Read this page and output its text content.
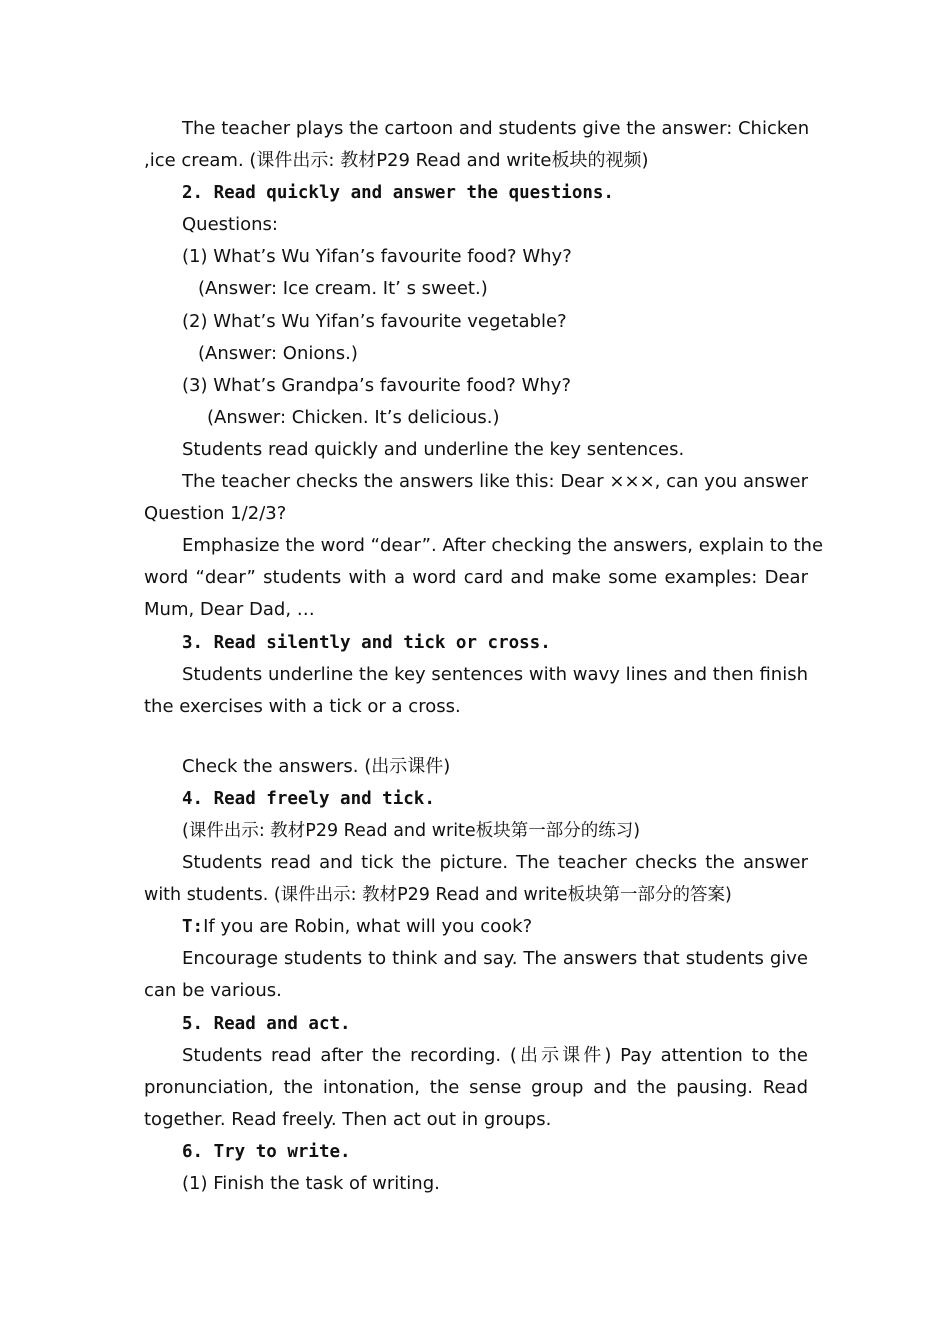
The teacher plays the cartoon and students give the answer: Chicken
,ice cream. (课件出示: 教材P29 Read and write板块的视频)
2. Read quickly and answer the questions.
Questions:
(1) What’s Wu Yifan’s favourite food? Why?
(Answer: Ice cream. It’ s sweet.)
(2) What’s Wu Yifan’s favourite vegetable?
(Answer: Onions.)
(3) What’s Grandpa’s favourite food? Why?
(Answer: Chicken. It’s delicious.)
Students read quickly and underline the key sentences.
The teacher checks the answers like this: Dear ×××, can you answer
Question 1/2/3?
Emphasize the word “dear”. After checking the answers, explain to the
word “dear” students with a word card and make some examples: Dear
Mum, Dear Dad, …
3. Read silently and tick or cross.
Students underline the key sentences with wavy lines and then finish
the exercises with a tick or a cross.
Check the answers. (出示课件)
4. Read freely and tick.
(课件出示: 教材P29 Read and write板块第一部分的练习)
Students read and tick the picture. The teacher checks the answer
with students. (课件出示: 教材P29 Read and write板块第一部分的答案)
T:If you are Robin, what will you cook?
Encourage students to think and say. The answers that students give
can be various.
5. Read and act.
Students read after the recording. (出示课件) Pay attention to the
pronunciation, the intonation, the sense group and the pausing. Read
together. Read freely. Then act out in groups.
6. Try to write.
(1) Finish the task of writing.
